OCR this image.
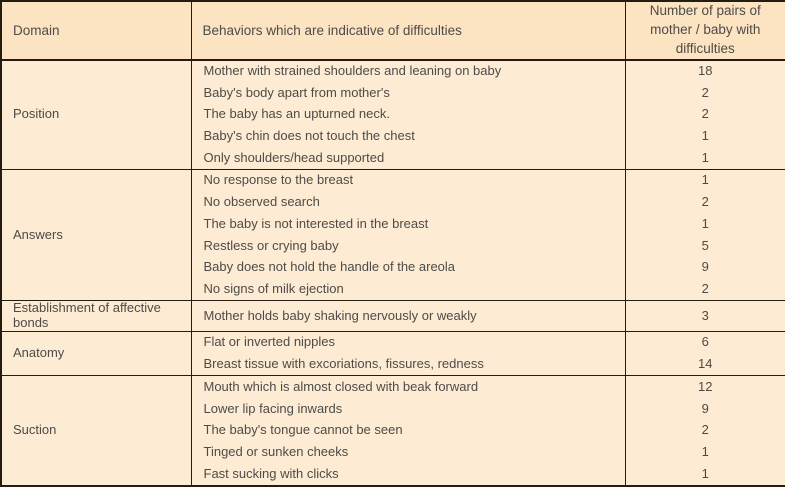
Domain	Behaviors which are indicative of difficulties	Number of pairs of mother / baby with difficulties
Position	Mother with strained shoulders and leaning on baby	18
	Baby's body apart from mother's	2
	The baby has an upturned neck.	2
	Baby's chin does not touch the chest	1
	Only shoulders/head supported	1
Answers	No response to the breast	1
	No observed search	2
	The baby is not interested in the breast	1
	Restless or crying baby	5
	Baby does not hold the handle of the areola	9
	No signs of milk ejection	2
Establishment of affective bonds	Mother holds baby shaking nervously or weakly	3
Anatomy	Flat or inverted nipples	6
	Breast tissue with excoriations, fissures, redness	14
Suction	Mouth which is almost closed with beak forward	12
	Lower lip facing inwards	9
	The baby's tongue cannot be seen	2
	Tinged or sunken cheeks	1
	Fast sucking with clicks	1
